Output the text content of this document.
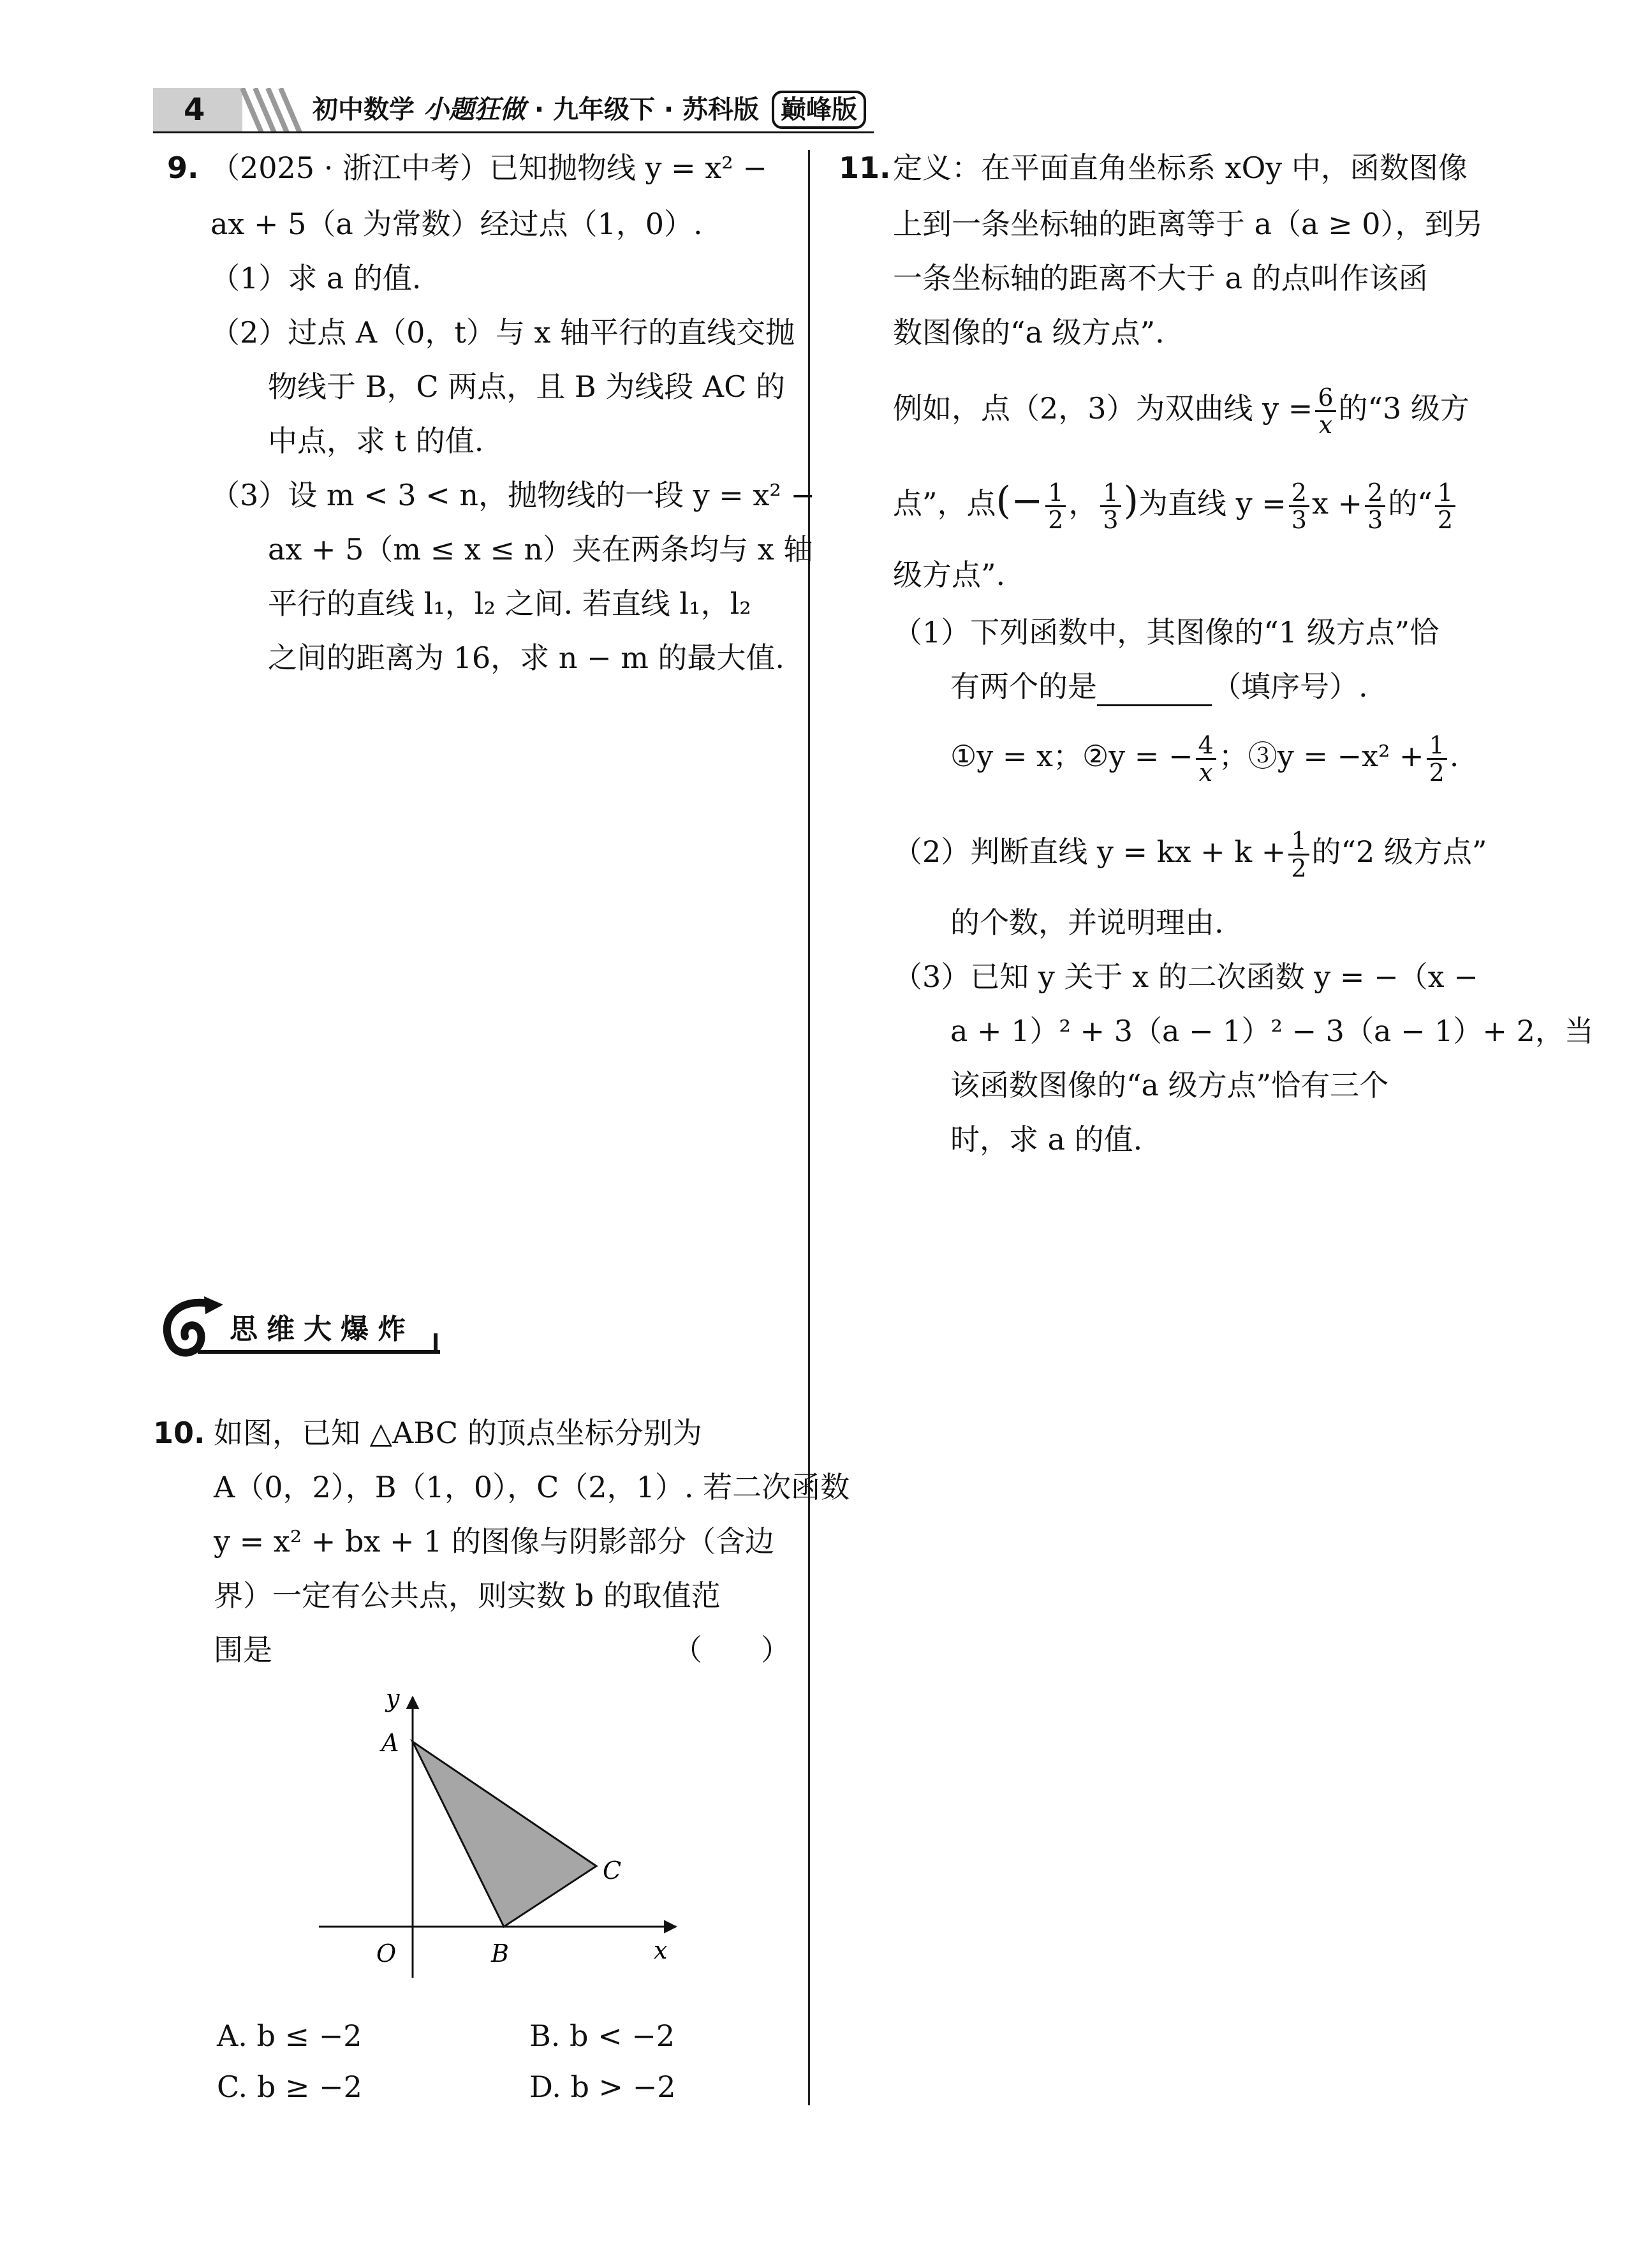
4	初中数学 小题狂做 · 九年级下 · 苏科版 巅峰版
9. （2025 · 浙江中考）已知抛物线 y = x² −
ax + 5（a 为常数）经过点（1，0）.
（1）求 a 的值.
（2）过点 A（0，t）与 x 轴平行的直线交抛
物线于 B，C 两点，且 B 为线段 AC 的
中点，求 t 的值.
（3）设 m < 3 < n，抛物线的一段 y = x² −
ax + 5（m ≤ x ≤ n）夹在两条均与 x 轴
平行的直线 l₁，l₂ 之间. 若直线 l₁，l₂
之间的距离为 16，求 n − m 的最大值.
思维大爆炸
10. 如图，已知 △ABC 的顶点坐标分别为
A（0，2），B（1，0），C（2，1）. 若二次函数
y = x² + bx + 1 的图像与阴影部分（含边
界）一定有公共点，则实数 b 的取值范
围是	（　　）
y
x
O
A
B
C
A. b ≤ −2	B. b < −2
C. b ≥ −2	D. b > −2
11. 定义：在平面直角坐标系 xOy 中，函数图像
上到一条坐标轴的距离等于 a（a ≥ 0），到另
一条坐标轴的距离不大于 a 的点叫作该函
数图像的“a 级方点”.
例如，点（2，3）为双曲线 $y = \frac{6}{x}$ 的“3 级方
点”，点(− $\frac{1}{2}$ ， $\frac{1}{3}$ )为直线 $y = \frac{2}{3}$ $x + \frac{2}{3}$ 的“ $\frac{1}{2}$
级方点”.
（1）下列函数中，其图像的“1 级方点”恰
有两个的是	（填序号）.
①y = x；②y = − $\frac{4}{x}$ ；③y = $-x^2 + \frac{1}{2}$ .
（2）判断直线 y = kx + $k + \frac{1}{2}$ 的“2 级方点”
的个数，并说明理由.
（3）已知 y 关于 x 的二次函数 y = −（x −
a + 1）² + 3（a − 1）² − 3（a − 1）+ 2，当
该函数图像的“a 级方点”恰有三个
时，求 a 的值.
